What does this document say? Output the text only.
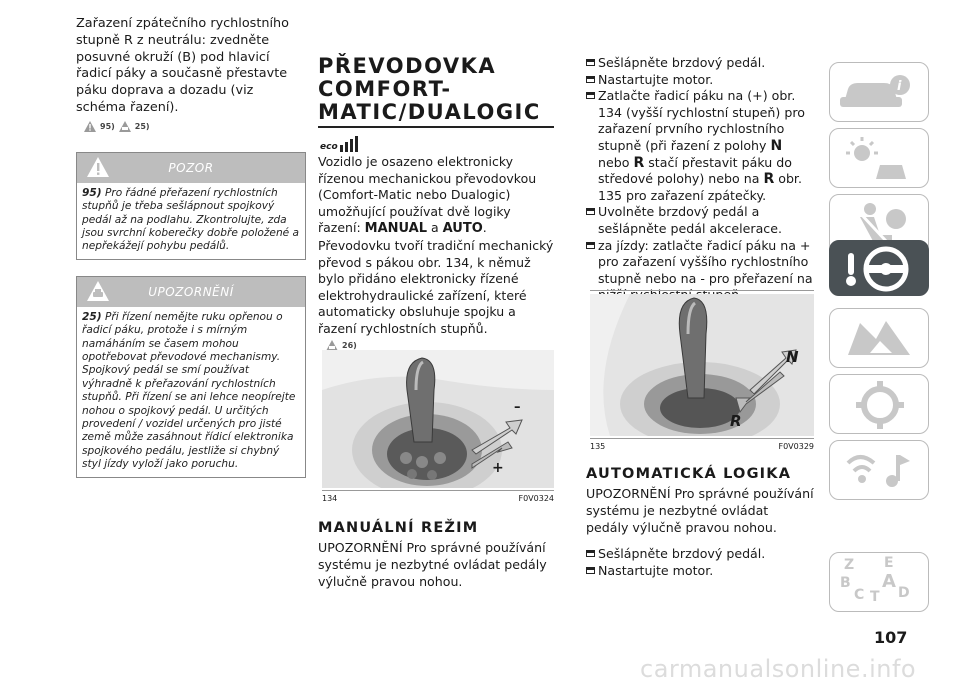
Zařazení zpátečního rychlostního stupně R z neutrálu: zvedněte posuvné okruží (B) pod hlavicí řadicí páky a současně přestavte páku doprava a dozadu (viz schéma řazení).

95)	25)
POZOR
95) Pro řádné přeřazení rychlostních stupňů je třeba sešlápnout spojkový pedál až na podlahu. Zkontrolujte, zda jsou svrchní koberečky dobře položené a nepřekážejí pohybu pedálů.
UPOZORNĚNÍ
25) Při řízení nemějte ruku opřenou o řadicí páku, protože i s mírným namáháním se časem mohou opotřebovat převodové mechanismy. Spojkový pedál se smí používat výhradně k přeřazování rychlostních stupňů. Při řízení se ani lehce neopírejte nohou o spojkový pedál. U určitých provedení / vozidel určených pro jisté země může zasáhnout řídicí elektronika spojkového pedálu, jestliže si chybný styl jízdy vyloží jako poruchu.
PŘEVODOVKA
COMFORT-
MATIC/DUALOGIC
eco

Vozidlo je osazeno elektronicky řízenou mechanickou převodovkou (Comfort-Matic nebo Dualogic) umožňující používat dvě logiky řazení: MANUAL a AUTO.

Převodovku tvoří tradiční mechanický převod s pákou obr. 134, k němuž bylo přidáno elektronicky řízené elektrohydraulické zařízení, které automaticky obsluhuje spojku a řazení rychlostních stupňů.

26)
+
–
134	F0V0324
MANUÁLNÍ REŽIM

UPOZORNĚNÍ Pro správné používání systému je nezbytné ovládat pedály výlučně pravou nohou.

Sešlápněte brzdový pedál.
Nastartujte motor.
Zatlačte řadicí páku na (+) obr. 134 (vyšší rychlostní stupeň) pro zařazení prvního rychlostního stupně (při řazení z polohy N nebo R stačí přestavit páku do středové polohy) nebo na R obr. 135 pro zařazení zpátečky.
Uvolněte brzdový pedál a sešlápněte pedál akcelerace.
za jízdy: zatlačte řadicí páku na + pro zařazení vyššího rychlostního stupně nebo na - pro přeřazení na
N
R
135	F0V0329
AUTOMATICKÁ LOGIKA

UPOZORNĚNÍ Pro správné používání systému je nezbytné ovládat pedály výlučně pravou nohou.

Sešlápněte brzdový pedál.
Nastartujte motor.
i
Z E
B A
C T D
107
carmanualsonline.info
